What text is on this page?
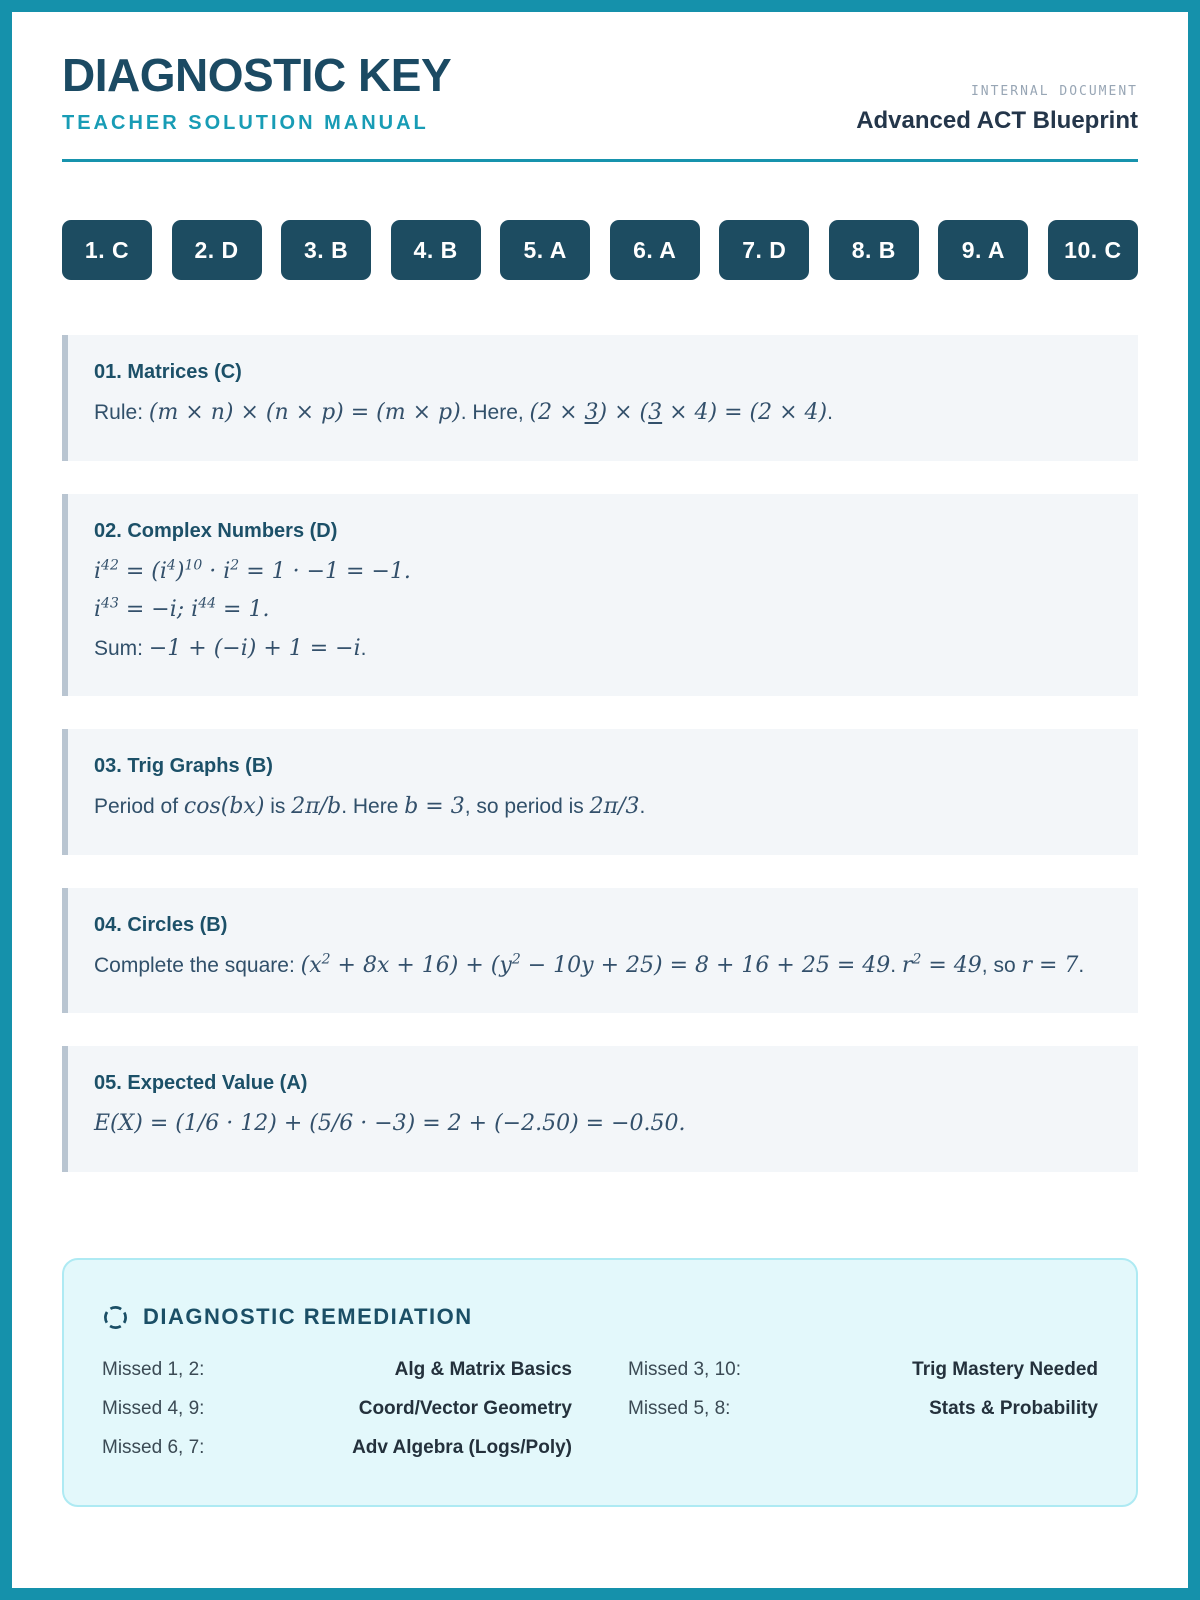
DIAGNOSTIC KEY
TEACHER SOLUTION MANUAL
INTERNAL DOCUMENT
Advanced ACT Blueprint
1. C	2. D	3. B	4. B	5. A	6. A	7. D	8. B	9. A	10. C
01. Matrices (C)
Rule: (m × n) × (n × p) = (m × p). Here, (2 × 3) × (3 × 4) = (2 × 4).
02. Complex Numbers (D)
$i^{42} = (i^4)^{10} \cdot i^2 = 1 \cdot -1 = -1$.
$i^{43} = -i$; $i^{44} = 1$.
Sum: −1 + (−i) + 1 = −i.
03. Trig Graphs (B)
Period of cos(bx) is 2π/b. Here b = 3, so period is 2π/3.
04. Circles (B)
Complete the square: $(x^2 + 8x + 16) + (y^2 - 10y + 25) = 8 + 16 + 25 = 49$. $r^2 = 49$, so r = 7.
05. Expected Value (A)
E(X) = (1/6 · 12) + (5/6 · −3) = 2 + (−2.50) = −0.50.
DIAGNOSTIC REMEDIATION
Missed 1, 2:	Alg & Matrix Basics	Missed 3, 10:	Trig Mastery Needed
Missed 4, 9:	Coord/Vector Geometry	Missed 5, 8:	Stats & Probability
Missed 6, 7:	Adv Algebra (Logs/Poly)
